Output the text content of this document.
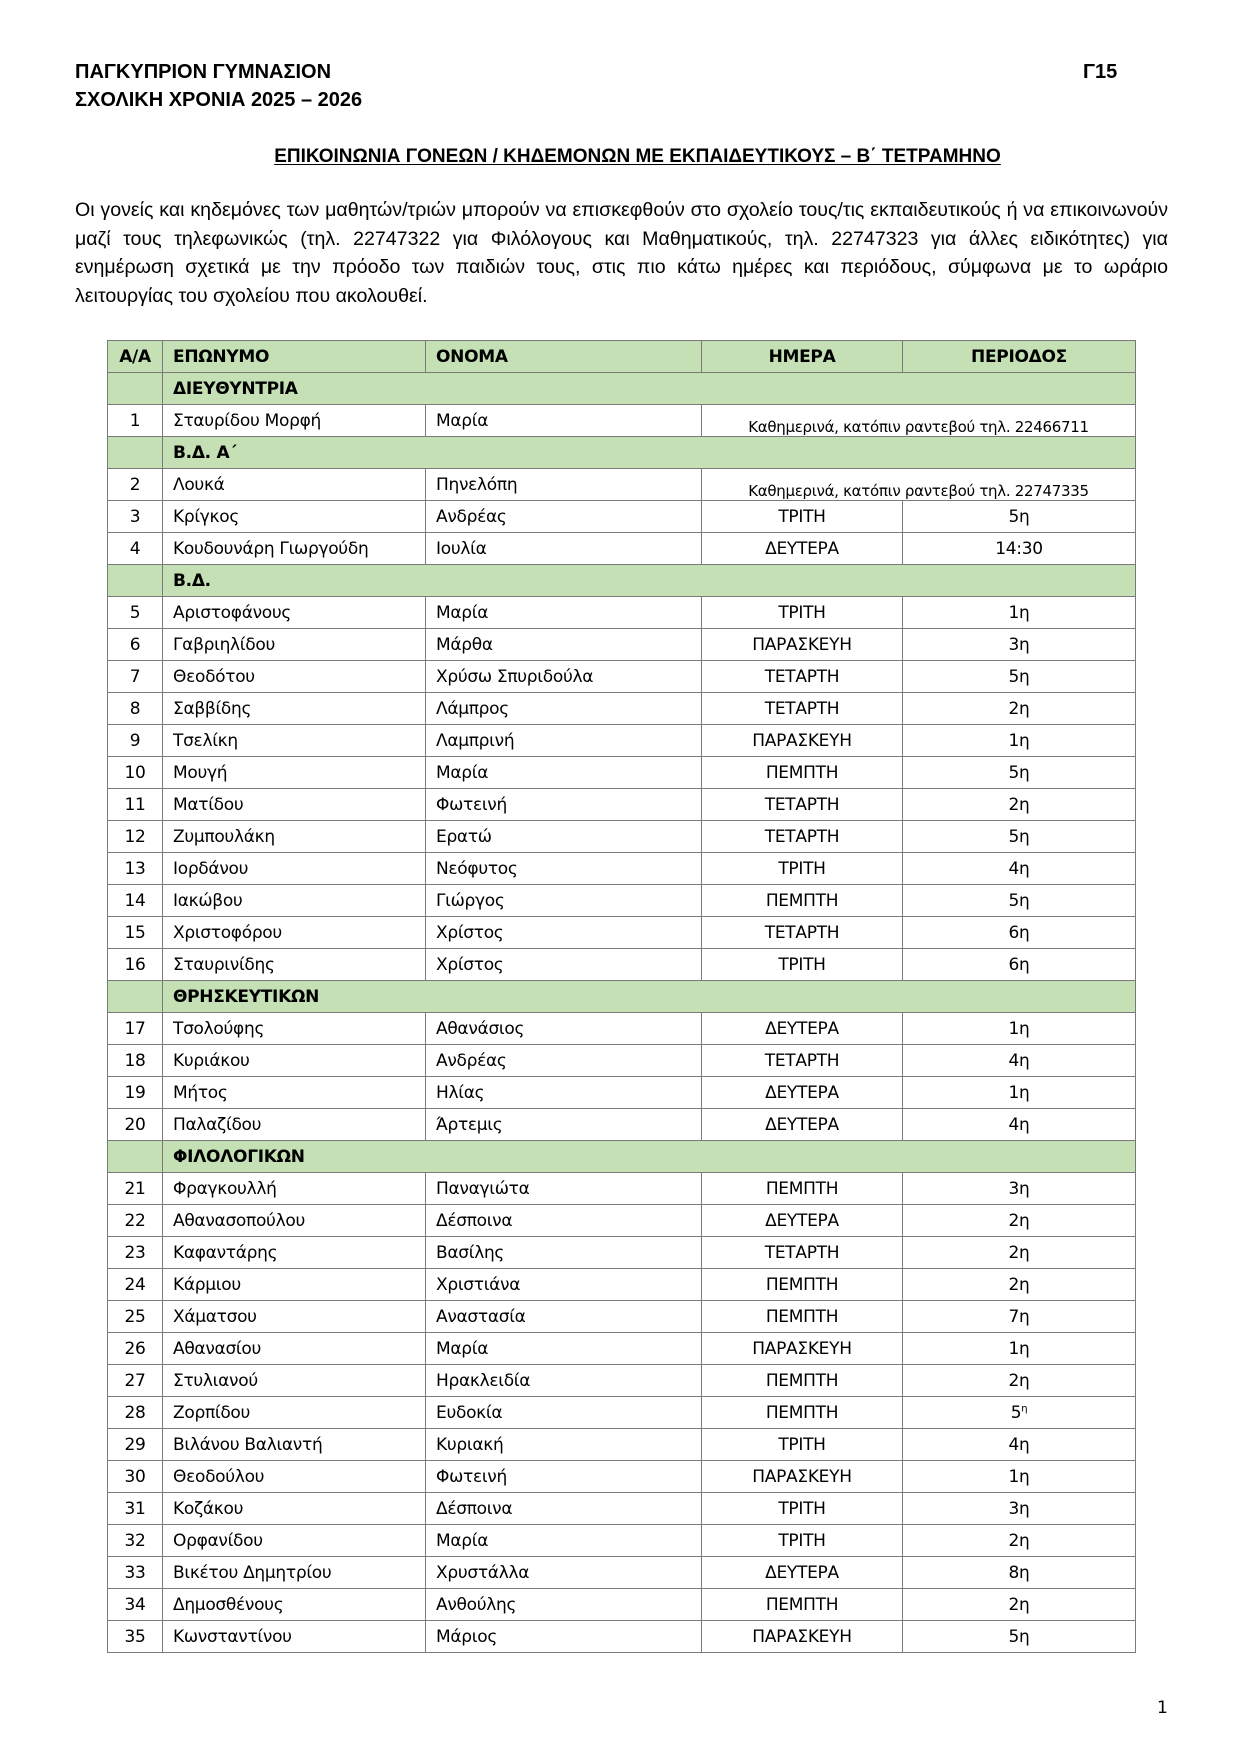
ΠΑΓΚΥΠΡΙΟΝ ΓΥΜΝΑΣΙΟΝ
ΣΧΟΛΙΚΗ ΧΡΟΝΙΑ 2025 – 2026
Γ15
ΕΠΙΚΟΙΝΩΝΙΑ ΓΟΝΕΩΝ / ΚΗΔΕΜΟΝΩΝ ΜΕ ΕΚΠΑΙΔΕΥΤΙΚΟΥΣ – Β΄ ΤΕΤΡΑΜΗΝΟ
Οι γονείς και κηδεμόνες των μαθητών/τριών μπορούν να επισκεφθούν στο σχολείο τους/τις εκπαιδευτικούς ή να επικοινωνούν μαζί τους τηλεφωνικώς (τηλ. 22747322 για Φιλόλογους και Μαθηματικούς, τηλ. 22747323 για άλλες ειδικότητες) για ενημέρωση σχετικά με την πρόοδο των παιδιών τους, στις πιο κάτω ημέρες και περιόδους, σύμφωνα με το ωράριο λειτουργίας του σχολείου που ακολουθεί.
Α/Α	ΕΠΩΝΥΜΟ	ΟΝΟΜΑ	ΗΜΕΡΑ	ΠΕΡΙΟΔΟΣ
	ΔΙΕΥΘΥΝΤΡΙΑ			
1	Σταυρίδου Μορφή	Μαρία	Καθημερινά, κατόπιν ραντεβού τηλ. 22466711	
	Β.Δ. Α΄			
2	Λουκά	Πηνελόπη	Καθημερινά, κατόπιν ραντεβού τηλ. 22747335	
3	Κρίγκος	Ανδρέας	ΤΡΙΤΗ	5η
4	Κουδουνάρη Γιωργούδη	Ιουλία	ΔΕΥΤΕΡΑ	14:30
	Β.Δ.			
5	Αριστοφάνους	Μαρία	ΤΡΙΤΗ	1η
6	Γαβριηλίδου	Μάρθα	ΠΑΡΑΣΚΕΥΗ	3η
7	Θεοδότου	Χρύσω Σπυριδούλα	ΤΕΤΑΡΤΗ	5η
8	Σαββίδης	Λάμπρος	ΤΕΤΑΡΤΗ	2η
9	Τσελίκη	Λαμπρινή	ΠΑΡΑΣΚΕΥΗ	1η
10	Μουγή	Μαρία	ΠΕΜΠΤΗ	5η
11	Ματίδου	Φωτεινή	ΤΕΤΑΡΤΗ	2η
12	Ζυμπουλάκη	Ερατώ	ΤΕΤΑΡΤΗ	5η
13	Ιορδάνου	Νεόφυτος	ΤΡΙΤΗ	4η
14	Ιακώβου	Γιώργος	ΠΕΜΠΤΗ	5η
15	Χριστοφόρου	Χρίστος	ΤΕΤΑΡΤΗ	6η
16	Σταυρινίδης	Χρίστος	ΤΡΙΤΗ	6η
	ΘΡΗΣΚΕΥΤΙΚΩΝ			
17	Τσολούφης	Αθανάσιος	ΔΕΥΤΕΡΑ	1η
18	Κυριάκου	Ανδρέας	ΤΕΤΑΡΤΗ	4η
19	Μήτος	Ηλίας	ΔΕΥΤΕΡΑ	1η
20	Παλαζίδου	Άρτεμις	ΔΕΥΤΕΡΑ	4η
	ΦΙΛΟΛΟΓΙΚΩΝ			
21	Φραγκουλλή	Παναγιώτα	ΠΕΜΠΤΗ	3η
22	Αθανασοπούλου	Δέσποινα	ΔΕΥΤΕΡΑ	2η
23	Καφαντάρης	Βασίλης	ΤΕΤΑΡΤΗ	2η
24	Κάρμιου	Χριστιάνα	ΠΕΜΠΤΗ	2η
25	Χάματσου	Αναστασία	ΠΕΜΠΤΗ	7η
26	Αθανασίου	Μαρία	ΠΑΡΑΣΚΕΥΗ	1η
27	Στυλιανού	Ηρακλειδία	ΠΕΜΠΤΗ	2η
28	Ζορπίδου	Ευδοκία	ΠΕΜΠΤΗ	$5^\eta$
29	Βιλάνου Βαλιαντή	Κυριακή	ΤΡΙΤΗ	4η
30	Θεοδούλου	Φωτεινή	ΠΑΡΑΣΚΕΥΗ	1η
31	Κοζάκου	Δέσποινα	ΤΡΙΤΗ	3η
32	Ορφανίδου	Μαρία	ΤΡΙΤΗ	2η
33	Βικέτου Δημητρίου	Χρυστάλλα	ΔΕΥΤΕΡΑ	8η
34	Δημοσθένους	Ανθούλης	ΠΕΜΠΤΗ	2η
35	Κωνσταντίνου	Μάριος	ΠΑΡΑΣΚΕΥΗ	5η
1
